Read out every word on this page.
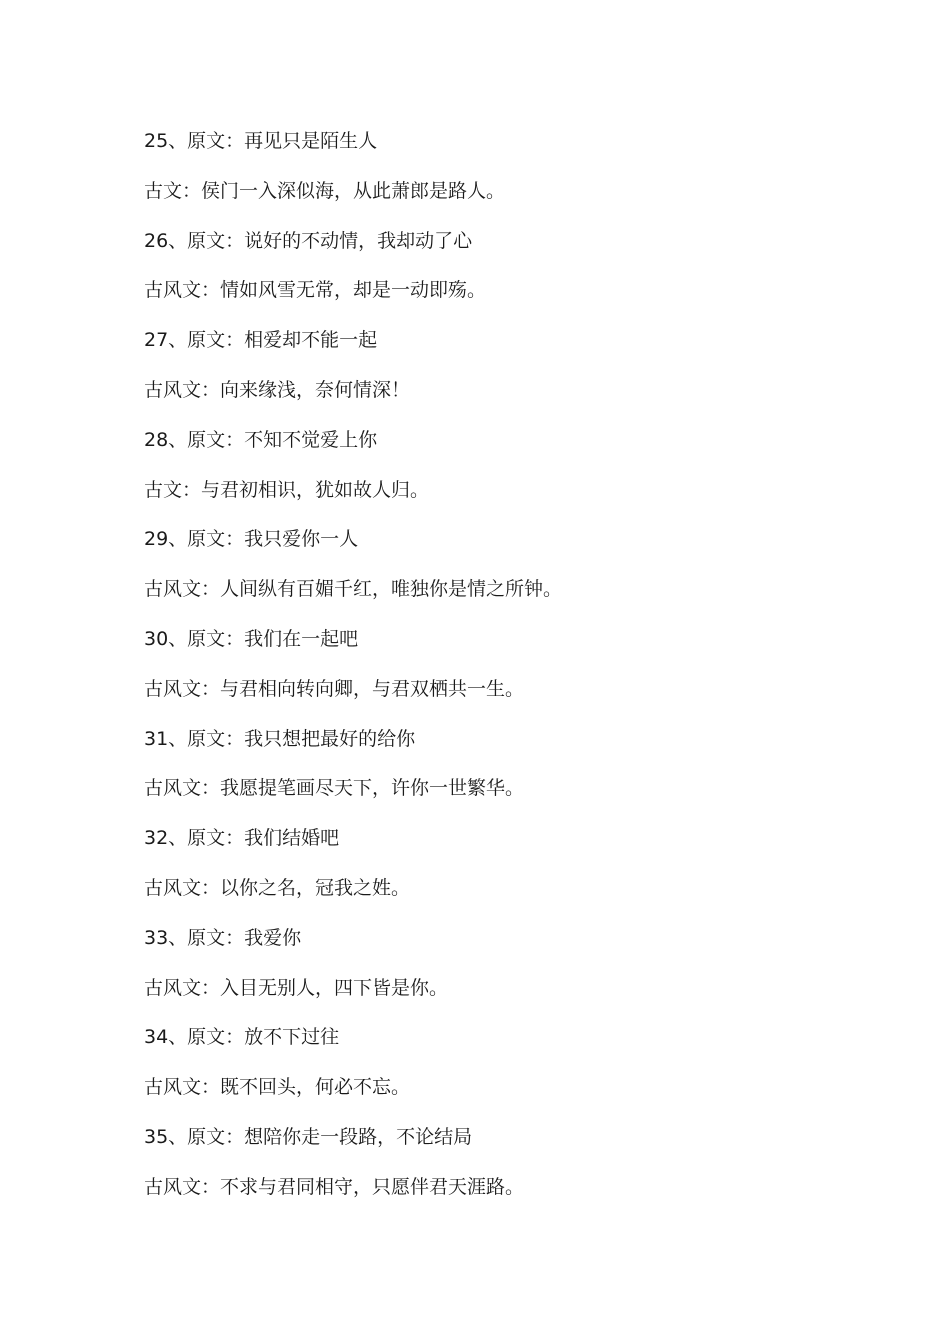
25、原文：再见只是陌生人
古文：侯门一入深似海，从此萧郎是路人。
26、原文：说好的不动情，我却动了心
古风文：情如风雪无常，却是一动即殇。
27、原文：相爱却不能一起
古风文：向来缘浅，奈何情深！
28、原文：不知不觉爱上你
古文：与君初相识，犹如故人归。
29、原文：我只爱你一人
古风文：人间纵有百媚千红，唯独你是情之所钟。
30、原文：我们在一起吧
古风文：与君相向转向卿，与君双栖共一生。
31、原文：我只想把最好的给你
古风文：我愿提笔画尽天下，许你一世繁华。
32、原文：我们结婚吧
古风文：以你之名，冠我之姓。
33、原文：我爱你
古风文：入目无别人，四下皆是你。
34、原文：放不下过往
古风文：既不回头，何必不忘。
35、原文：想陪你走一段路，不论结局
古风文：不求与君同相守，只愿伴君天涯路。
